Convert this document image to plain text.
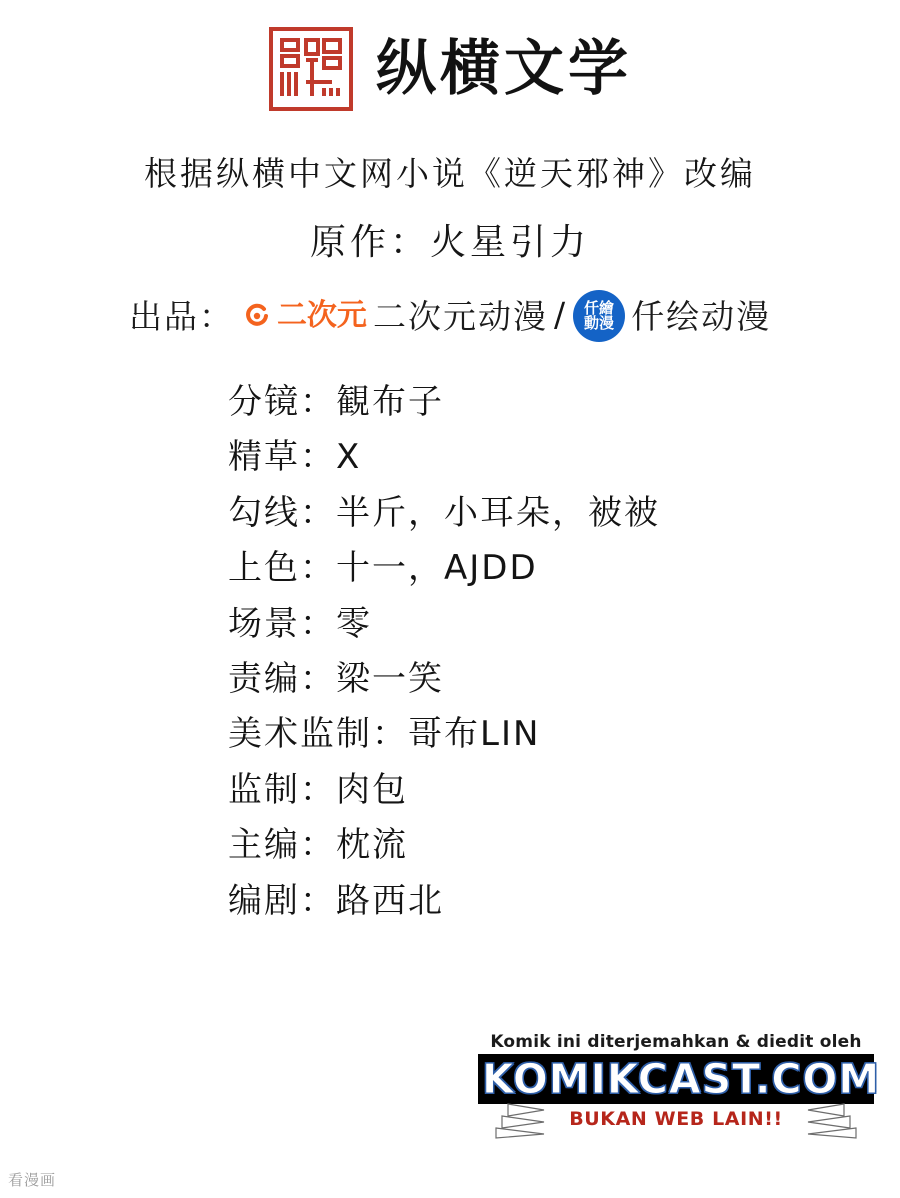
纵横文学
根据纵横中文网小说《逆天邪神》改编
原作：火星引力
出品： 二次元 二次元动漫 / 仟繪
動漫 仟绘动漫
分镜：観布子
精草：X
勾线：半斤，小耳朵，被被
上色：十一，AJDD
场景：零
责编：梁一笑
美术监制：哥布LIN
监制：肉包
主编：枕流
编剧：路西北
Komik ini diterjemahkan & diedit oleh
KOMIKCAST.COM
BUKAN WEB LAIN!!
看漫画
